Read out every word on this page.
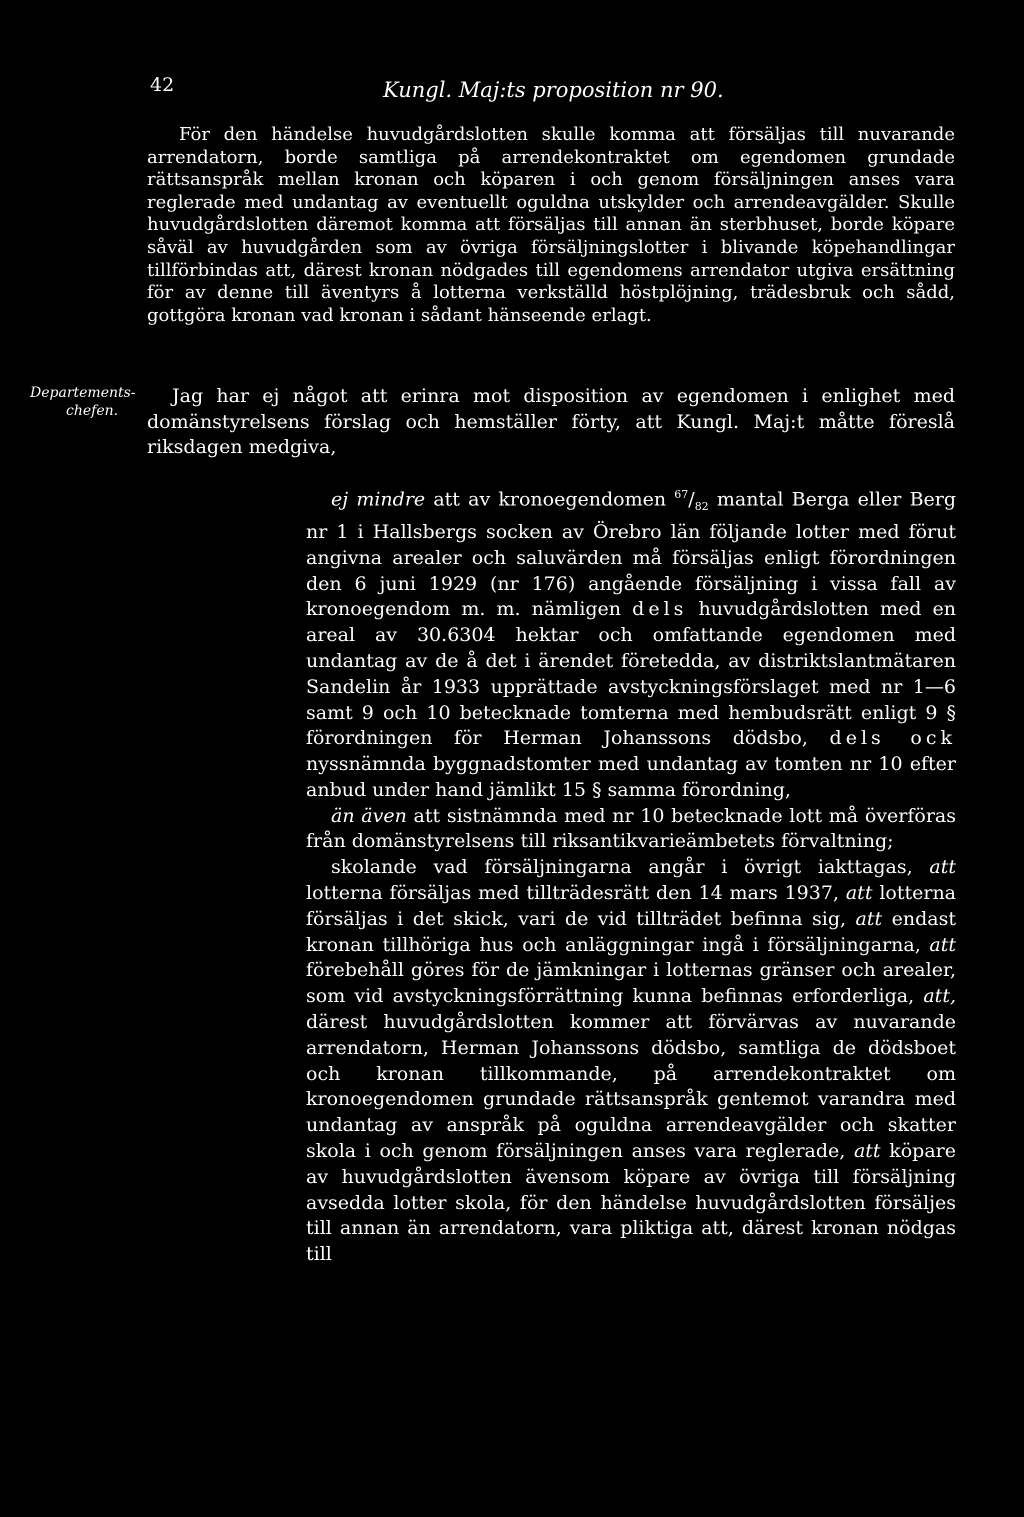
42	Kungl. Maj:ts proposition nr 90.
För den händelse huvudgårdslotten skulle komma att försäljas till nuvarande arrendatorn, borde samtliga på arrendekontraktet om egendomen grundade rättsanspråk mellan kronan och köparen i och genom försäljningen anses vara reglerade med undantag av eventuellt oguldna utskylder och arrendeavgälder. Skulle huvudgårdslotten däremot komma att försäljas till annan än sterbhuset, borde köpare såväl av huvudgården som av övriga försäljningslotter i blivande köpehandlingar tillförbindas att, därest kronan nödgades till egendomens arrendator utgiva ersättning för av denne till äventyrs å lotterna verkställd höstplöjning, trädesbruk och sådd, gottgöra kronan vad kronan i sådant hänseende erlagt.
Departements-
chefen.
Jag har ej något att erinra mot disposition av egendomen i enlighet med domänstyrelsens förslag och hemställer förty, att Kungl. Maj:t måtte föreslå riksdagen medgiva,

ej mindre att av kronoegendomen $^{67}/_{82}$ mantal Berga eller Berg nr 1 i Hallsbergs socken av Örebro län följande lotter med förut angivna arealer och saluvärden må försäljas enligt förordningen den 6 juni 1929 (nr 176) angående försäljning i vissa fall av kronoegendom m. m. nämligen dels huvudgårdslotten med en areal av 30.6304 hektar och omfattande egendomen med undantag av de å det i ärendet företedda, av distriktslantmätaren Sandelin år 1933 upprättade avstyckningsförslaget med nr 1—6 samt 9 och 10 betecknade tomterna med hembudsrätt enligt 9 § förordningen för Herman Johanssons dödsbo, dels ock nyssnämnda byggnadstomter med undantag av tomten nr 10 efter anbud under hand jämlikt 15 § samma förordning,

än även att sistnämnda med nr 10 betecknade lott må överföras från domänstyrelsens till riksantikvarieämbetets förvaltning;

skolande vad försäljningarna angår i övrigt iakttagas, att lotterna försäljas med tillträdesrätt den 14 mars 1937, att lotterna försäljas i det skick, vari de vid tillträdet befinna sig, att endast kronan tillhöriga hus och anläggningar ingå i försäljningarna, att förebehåll göres för de jämkningar i lotternas gränser och arealer, som vid avstyckningsförrättning kunna befinnas erforderliga, att, därest huvudgårdslotten kommer att förvärvas av nuvarande arrendatorn, Herman Johanssons dödsbo, samtliga de dödsboet och kronan tillkommande, på arrendekontraktet om kronoegendomen grundade rättsanspråk gentemot varandra med undantag av anspråk på oguldna arrendeavgälder och skatter skola i och genom försäljningen anses vara reglerade, att köpare av huvudgårdslotten ävensom köpare av övriga till försäljning avsedda lotter skola, för den händelse huvudgårdslotten försäljes till annan än arrendatorn, vara pliktiga att, därest kronan nödgas till
